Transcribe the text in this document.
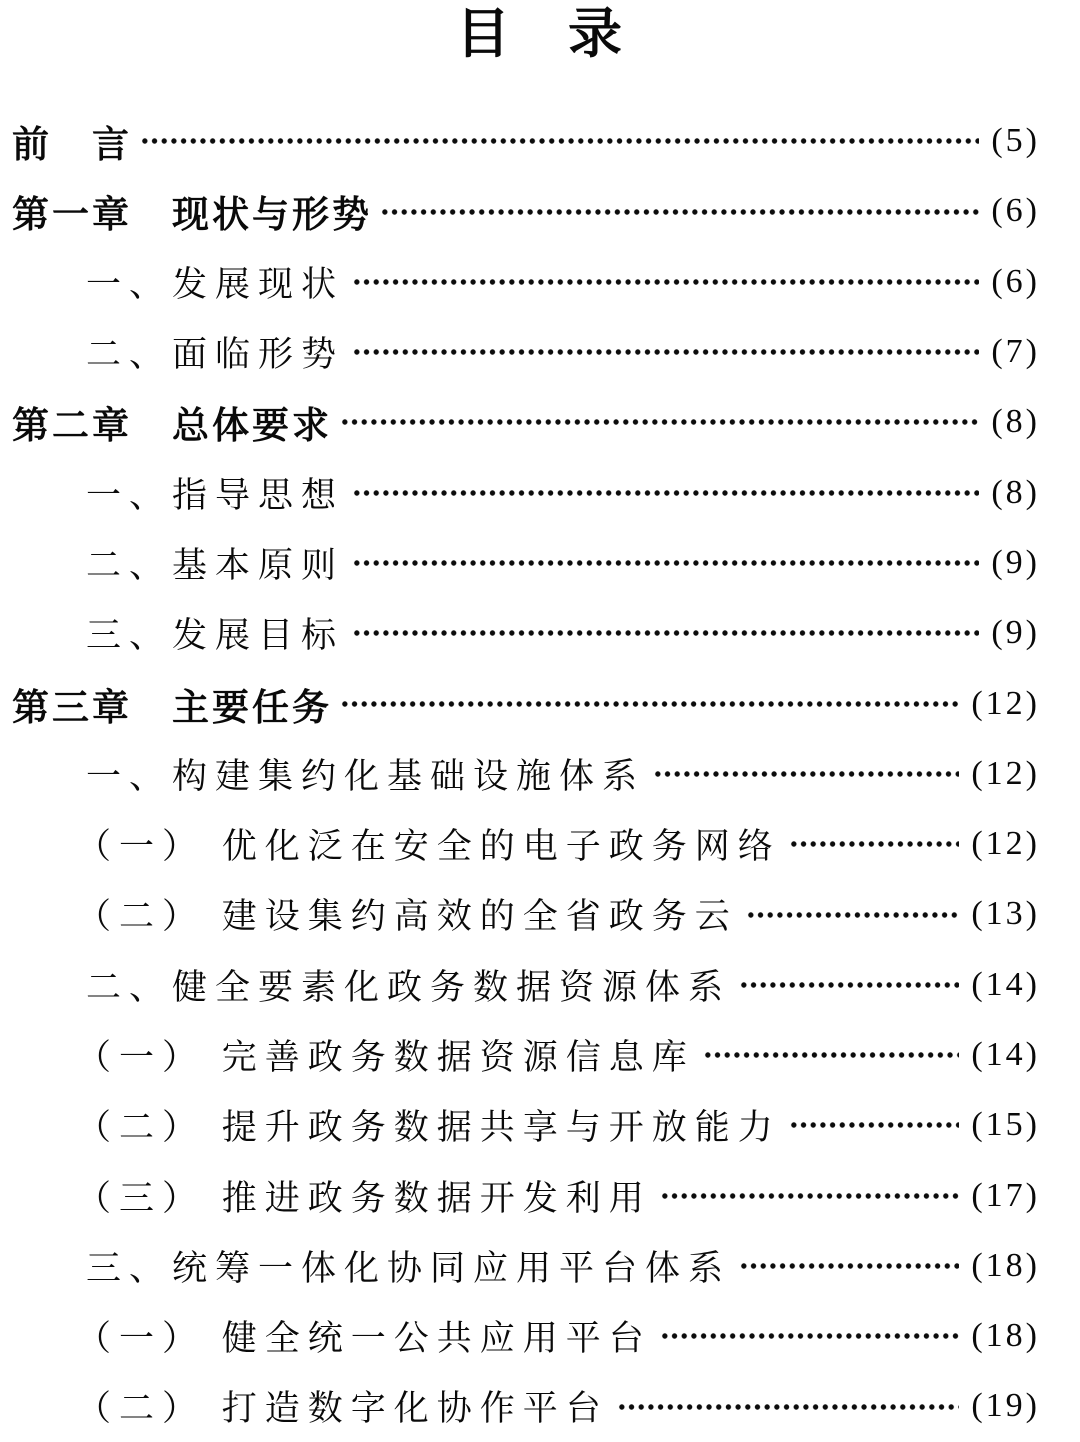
目　录
前　言	(5)
第一章　现状与形势	(6)
一、发展现状	(6)
二、面临形势	(7)
第二章　总体要求	(8)
一、指导思想	(8)
二、基本原则	(9)
三、发展目标	(9)
第三章　主要任务	(12)
一、构建集约化基础设施体系	(12)
（一） 优化泛在安全的电子政务网络	(12)
（二） 建设集约高效的全省政务云	(13)
二、健全要素化政务数据资源体系	(14)
（一） 完善政务数据资源信息库	(14)
（二） 提升政务数据共享与开放能力	(15)
（三） 推进政务数据开发利用	(17)
三、统筹一体化协同应用平台体系	(18)
（一） 健全统一公共应用平台	(18)
（二） 打造数字化协作平台	(19)
